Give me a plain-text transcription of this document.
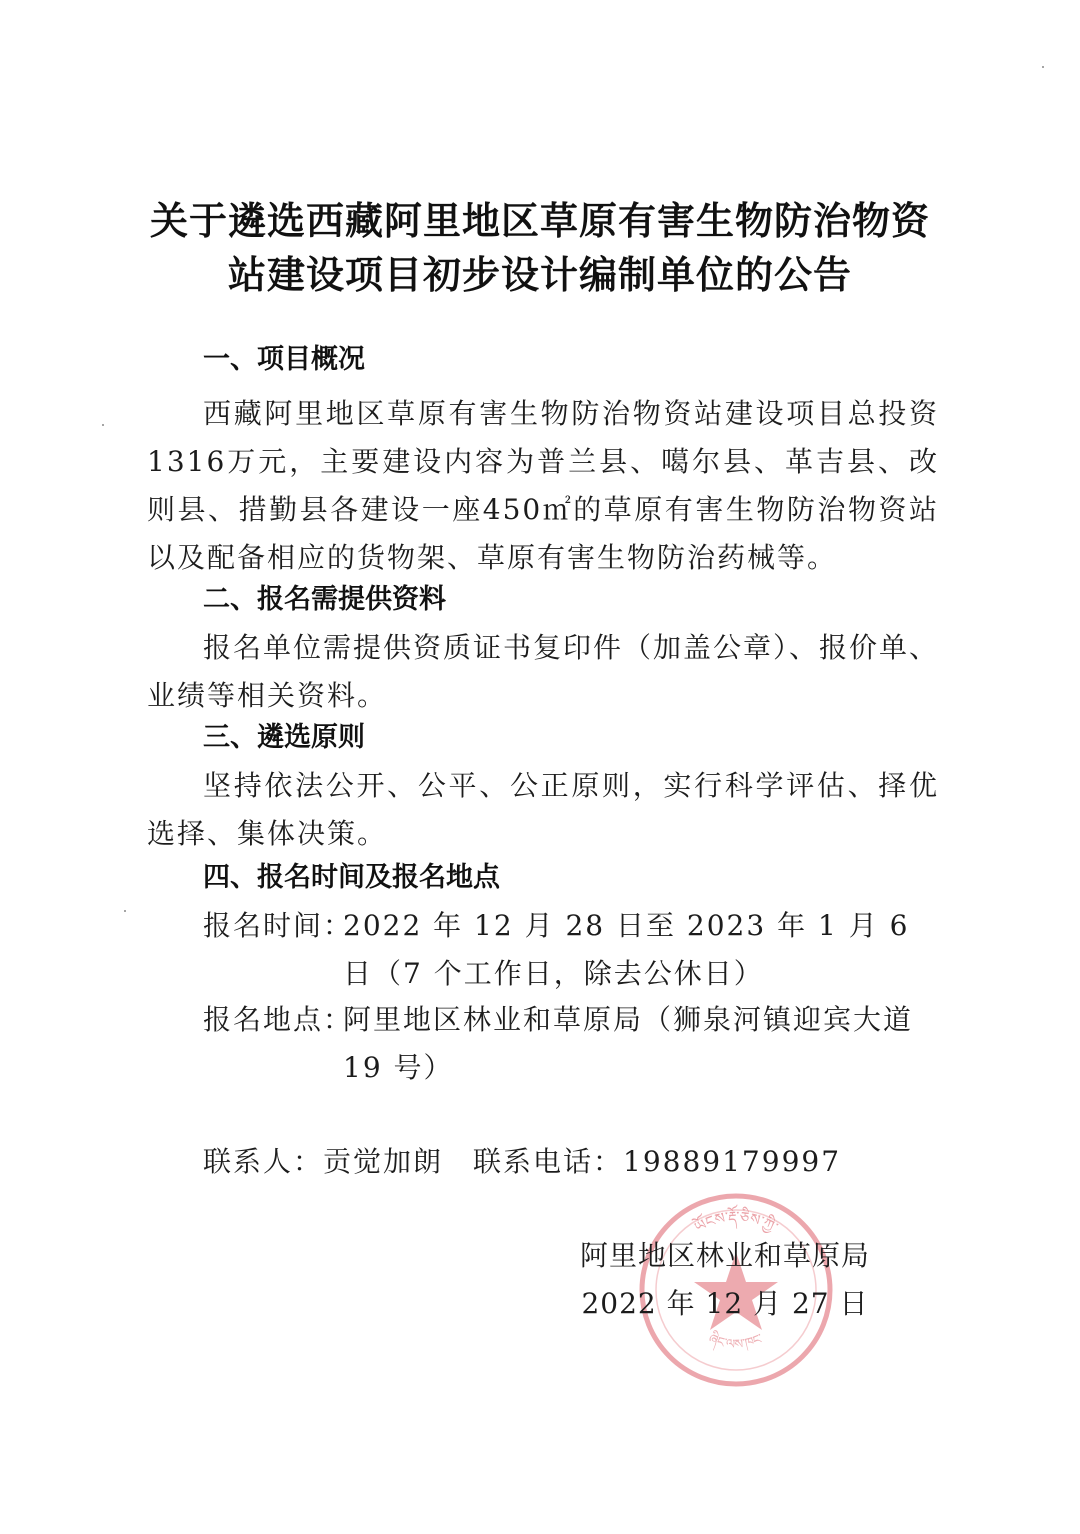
关于遴选西藏阿里地区草原有害生物防治物资
站建设项目初步设计编制单位的公告
一、项目概况
西藏阿里地区草原有害生物防治物资站建设项目总投资1316万元，主要建设内容为普兰县、噶尔县、革吉县、改则县、措勤县各建设一座450㎡的草原有害生物防治物资站以及配备相应的货物架、草原有害生物防治药械等。
二、报名需提供资料
报名单位需提供资质证书复印件（加盖公章）、报价单、业绩等相关资料。
三、遴选原则
坚持依法公开、公平、公正原则，实行科学评估、择优选择、集体决策。
四、报名时间及报名地点
报名时间：
2022 年 12 月 28 日至 2023 年 1 月 6 日（7 个工作日，除去公休日）
报名地点：
阿里地区林业和草原局（狮泉河镇迎宾大道 19 号）
联系人：贡觉加朗 联系电话：19889179997
ཡོངས་རྡོ་ཅིས་ཀྱི་
ཞིང་ལས་ཁང་
阿里地区林业和草原局
2022 年 12 月 27 日
